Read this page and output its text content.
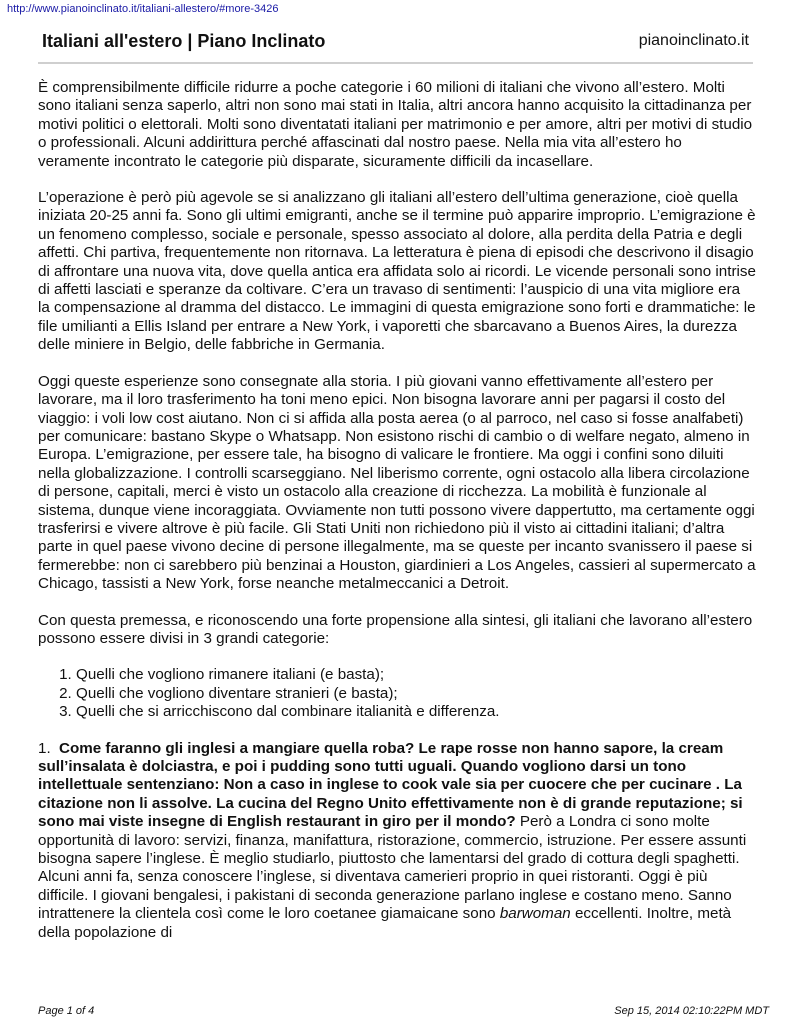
http://www.pianoinclinato.it/italiani-allestero/#more-3426
Italiani all'estero | Piano Inclinato	pianoinclinato.it

È comprensibilmente difficile ridurre a poche categorie i 60 milioni di italiani che vivono all’estero. Molti sono italiani senza saperlo, altri non sono mai stati in Italia, altri ancora hanno acquisito la cittadinanza per motivi politici o elettorali. Molti sono diventatati italiani per matrimonio e per amore, altri per motivi di studio o professionali. Alcuni addirittura perché affascinati dal nostro paese. Nella mia vita all’estero ho veramente incontrato le categorie più disparate, sicuramente difficili da incasellare.

L’operazione è però più agevole se si analizzano gli italiani all’estero dell’ultima generazione, cioè quella iniziata 20-25 anni fa. Sono gli ultimi emigranti, anche se il termine può apparire improprio. L’emigrazione è un fenomeno complesso, sociale e personale, spesso associato al dolore, alla perdita della Patria e degli affetti. Chi partiva, frequentemente non ritornava. La letteratura è piena di episodi che descrivono il disagio di affrontare una nuova vita, dove quella antica era affidata solo ai ricordi. Le vicende personali sono intrise di affetti lasciati e speranze da coltivare. C’era un travaso di sentimenti: l’auspicio di una vita migliore era la compensazione al dramma del distacco. Le immagini di questa emigrazione sono forti e drammatiche: le file umilianti a Ellis Island per entrare a New York, i vaporetti che sbarcavano a Buenos Aires, la durezza delle miniere in Belgio, delle fabbriche in Germania.

Oggi queste esperienze sono consegnate alla storia. I più giovani vanno effettivamente all’estero per lavorare, ma il loro trasferimento ha toni meno epici. Non bisogna lavorare anni per pagarsi il costo del viaggio: i voli low cost aiutano. Non ci si affida alla posta aerea (o al parroco, nel caso si fosse analfabeti) per comunicare: bastano Skype o Whatsapp. Non esistono rischi di cambio o di welfare negato, almeno in Europa. L’emigrazione, per essere tale, ha bisogno di valicare le frontiere. Ma oggi i confini sono diluiti nella globalizzazione. I controlli scarseggiano. Nel liberismo corrente, ogni ostacolo alla libera circolazione di persone, capitali, merci è visto un ostacolo alla creazione di ricchezza. La mobilità è funzionale al sistema, dunque viene incoraggiata. Ovviamente non tutti possono vivere dappertutto, ma certamente oggi trasferirsi e vivere altrove è più facile. Gli Stati Uniti non richiedono più il visto ai cittadini italiani; d’altra parte in quel paese vivono decine di persone illegalmente, ma se queste per incanto svanissero il paese si fermerebbe: non ci sarebbero più benzinai a Houston, giardinieri a Los Angeles, cassieri al supermercato a Chicago, tassisti a New York, forse neanche metalmeccanici a Detroit.

Con questa premessa, e riconoscendo una forte propensione alla sintesi, gli italiani che lavorano all’estero possono essere divisi in 3 grandi categorie:

1. Quelli che vogliono rimanere italiani (e basta);
2. Quelli che vogliono diventare stranieri (e basta);
3. Quelli che si arricchiscono dal combinare italianità e differenza.

1. Come faranno gli inglesi a mangiare quella roba? Le rape rosse non hanno sapore, la cream sull’insalata è dolciastra, e poi i pudding sono tutti uguali. Quando vogliono darsi un tono intellettuale sentenziano: Non a caso in inglese to cook vale sia per cuocere che per cucinare . La citazione non li assolve. La cucina del Regno Unito effettivamente non è di grande reputazione; si sono mai viste insegne di English restaurant in giro per il mondo? Però a Londra ci sono molte opportunità di lavoro: servizi, finanza, manifattura, ristorazione, commercio, istruzione. Per essere assunti bisogna sapere l’inglese. È meglio studiarlo, piuttosto che lamentarsi del grado di cottura degli spaghetti. Alcuni anni fa, senza conoscere l’inglese, si diventava camerieri proprio in quei ristoranti. Oggi è più difficile. I giovani bengalesi, i pakistani di seconda generazione parlano inglese e costano meno. Sanno intrattenere la clientela così come le loro coetanee giamaicane sono barwoman eccellenti. Inoltre, metà della popolazione di

Page 1 of 4	Sep 15, 2014 02:10:22PM MDT
